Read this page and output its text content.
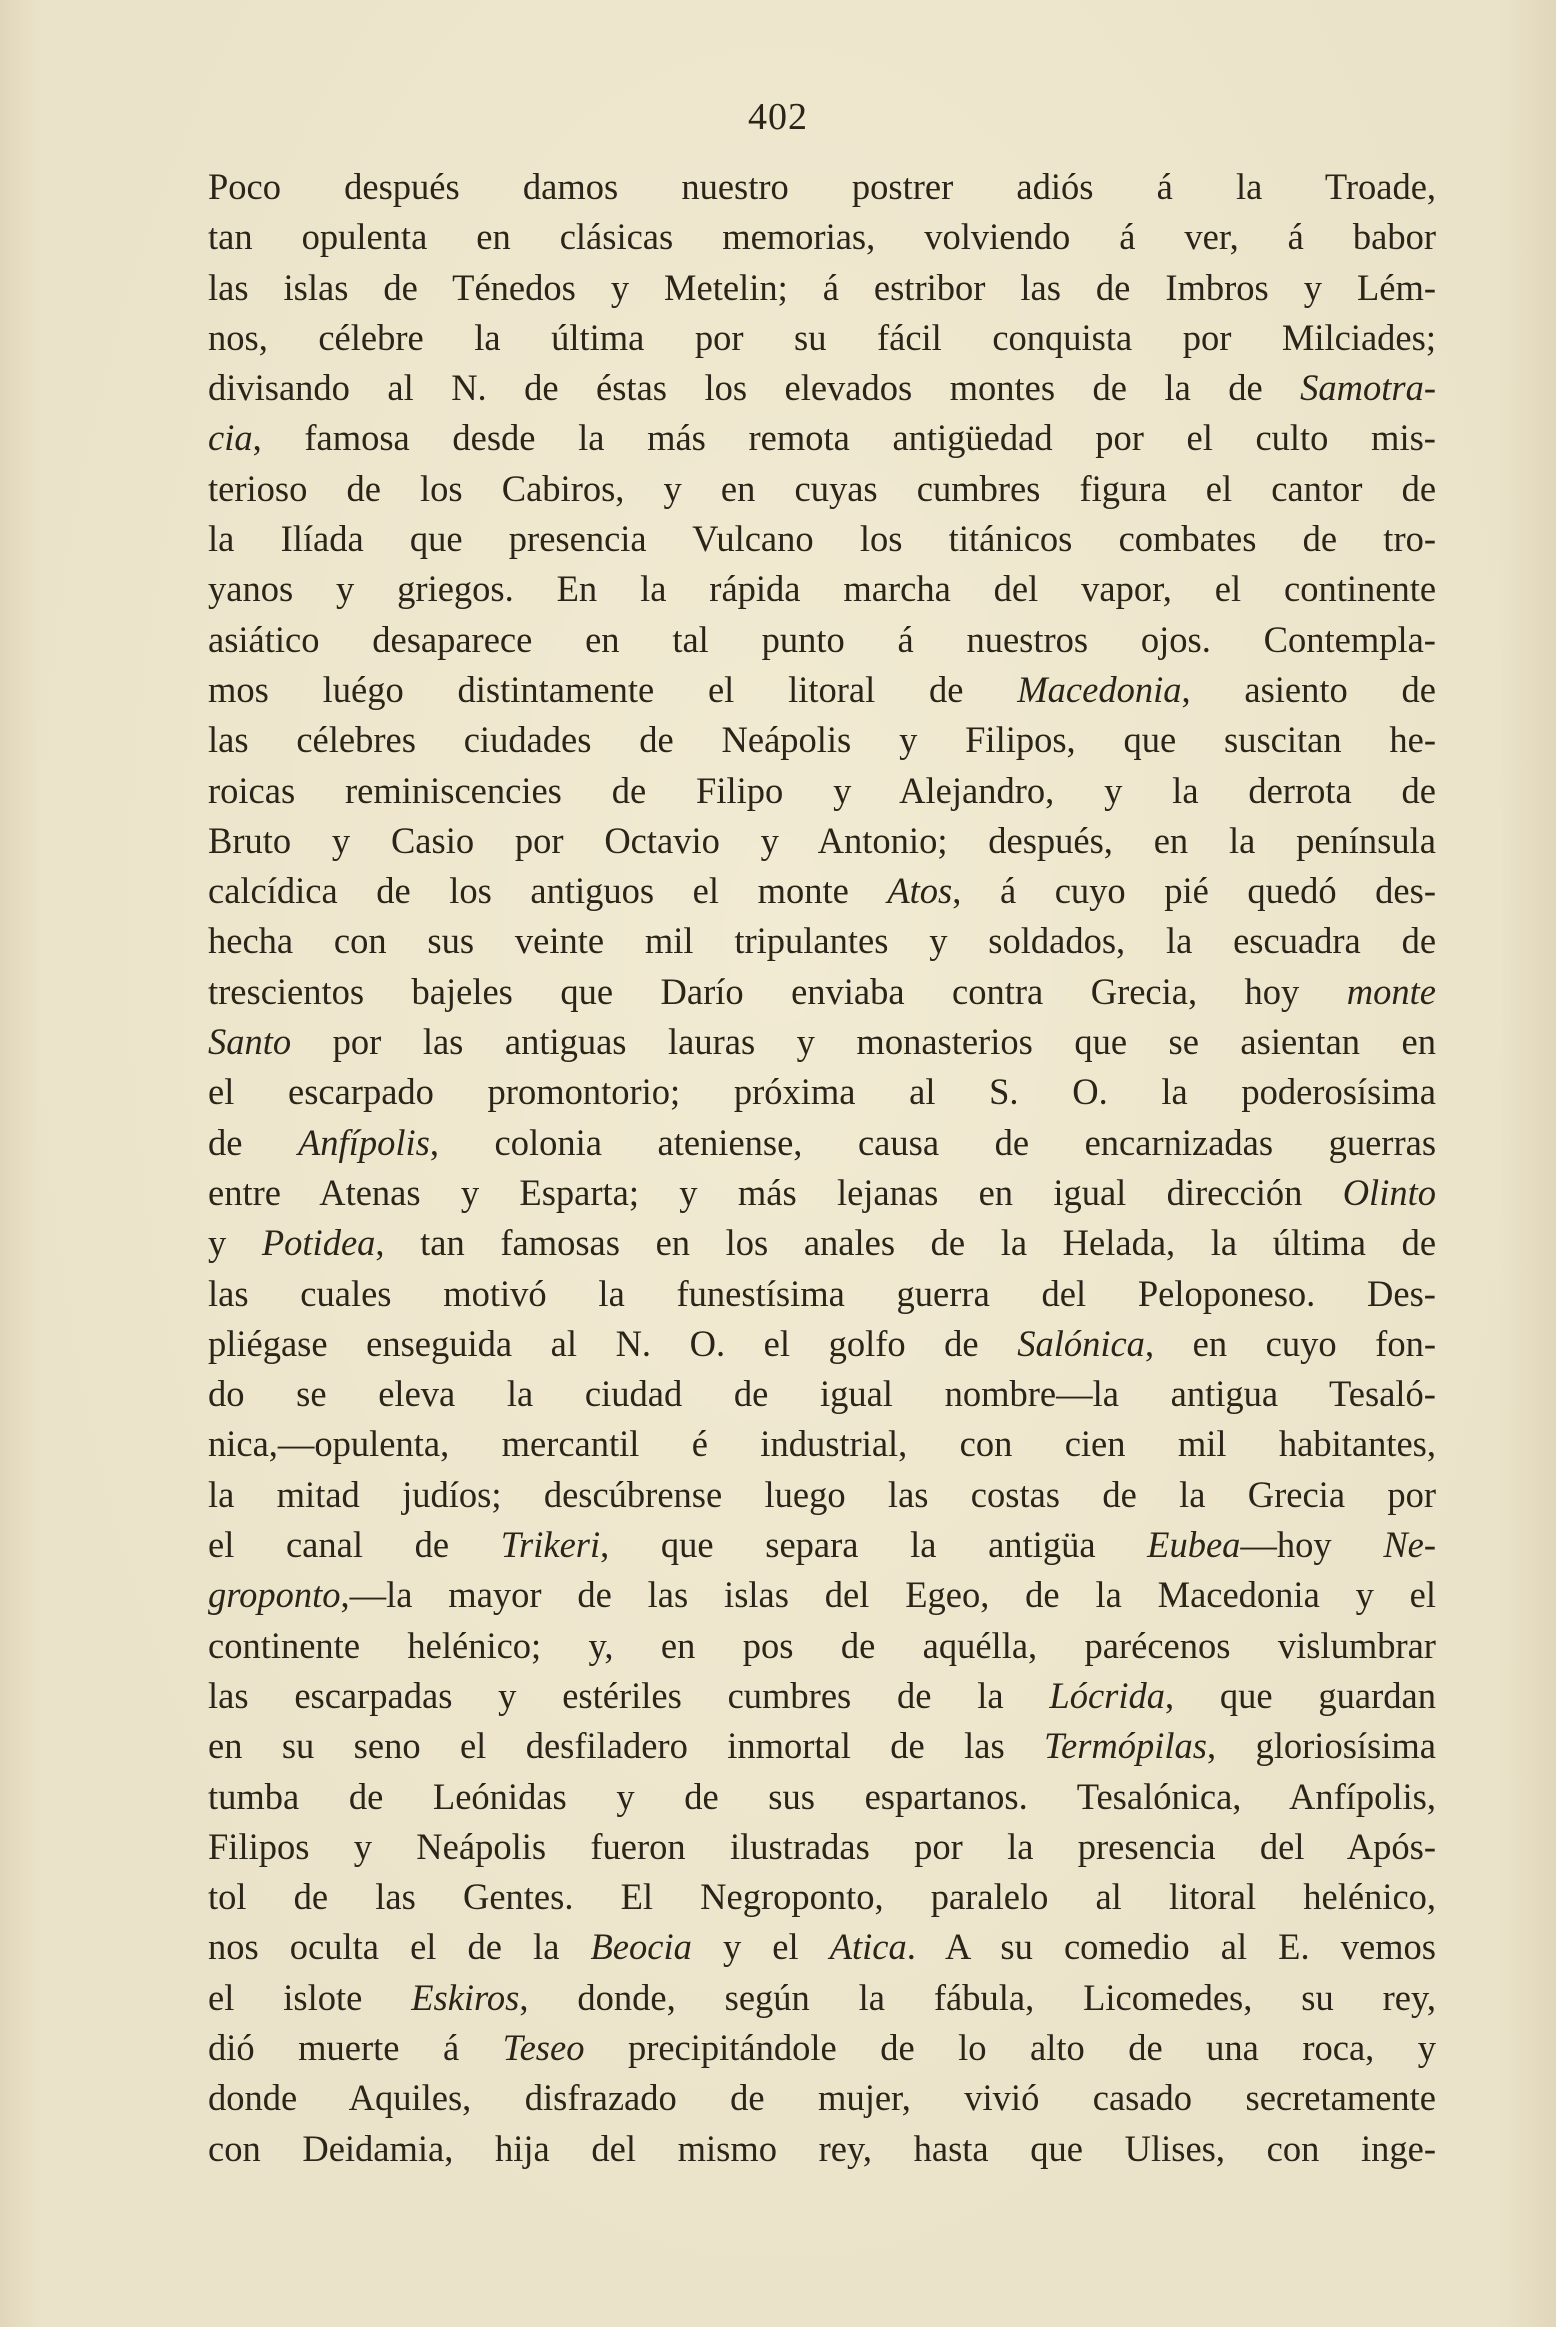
402
Poco después damos nuestro postrer adiós á la Troade,
tan opulenta en clásicas memorias, volviendo á ver, á babor
las islas de Ténedos y Metelin; á estribor las de Imbros y Lém-
nos, célebre la última por su fácil conquista por Milciades;
divisando al N. de éstas los elevados montes de la de Samotra-
cia, famosa desde la más remota antigüedad por el culto mis-
terioso de los Cabiros, y en cuyas cumbres figura el cantor de
la Ilíada que presencia Vulcano los titánicos combates de tro-
yanos y griegos. En la rápida marcha del vapor, el continente
asiático desaparece en tal punto á nuestros ojos. Contempla-
mos luégo distintamente el litoral de Macedonia, asiento de
las célebres ciudades de Neápolis y Filipos, que suscitan he-
roicas reminiscencies de Filipo y Alejandro, y la derrota de
Bruto y Casio por Octavio y Antonio; después, en la península
calcídica de los antiguos el monte Atos, á cuyo pié quedó des-
hecha con sus veinte mil tripulantes y soldados, la escuadra de
trescientos bajeles que Darío enviaba contra Grecia, hoy monte
Santo por las antiguas lauras y monasterios que se asientan en
el escarpado promontorio; próxima al S. O. la poderosísima
de Anfípolis, colonia ateniense, causa de encarnizadas guerras
entre Atenas y Esparta; y más lejanas en igual dirección Olinto
y Potidea, tan famosas en los anales de la Helada, la última de
las cuales motivó la funestísima guerra del Peloponeso. Des-
pliégase enseguida al N. O. el golfo de Salónica, en cuyo fon-
do se eleva la ciudad de igual nombre—la antigua Tesaló-
nica,—opulenta, mercantil é industrial, con cien mil habitantes,
la mitad judíos; descúbrense luego las costas de la Grecia por
el canal de Trikeri, que separa la antigüa Eubea—hoy Ne-
groponto,—la mayor de las islas del Egeo, de la Macedonia y el
continente helénico; y, en pos de aquélla, parécenos vislumbrar
las escarpadas y estériles cumbres de la Lócrida, que guardan
en su seno el desfiladero inmortal de las Termópilas, gloriosísima
tumba de Leónidas y de sus espartanos. Tesalónica, Anfípolis,
Filipos y Neápolis fueron ilustradas por la presencia del Após-
tol de las Gentes. El Negroponto, paralelo al litoral helénico,
nos oculta el de la Beocia y el Atica. A su comedio al E. vemos
el islote Eskiros, donde, según la fábula, Licomedes, su rey,
dió muerte á Teseo precipitándole de lo alto de una roca, y
donde Aquiles, disfrazado de mujer, vivió casado secretamente
con Deidamia, hija del mismo rey, hasta que Ulises, con inge-
